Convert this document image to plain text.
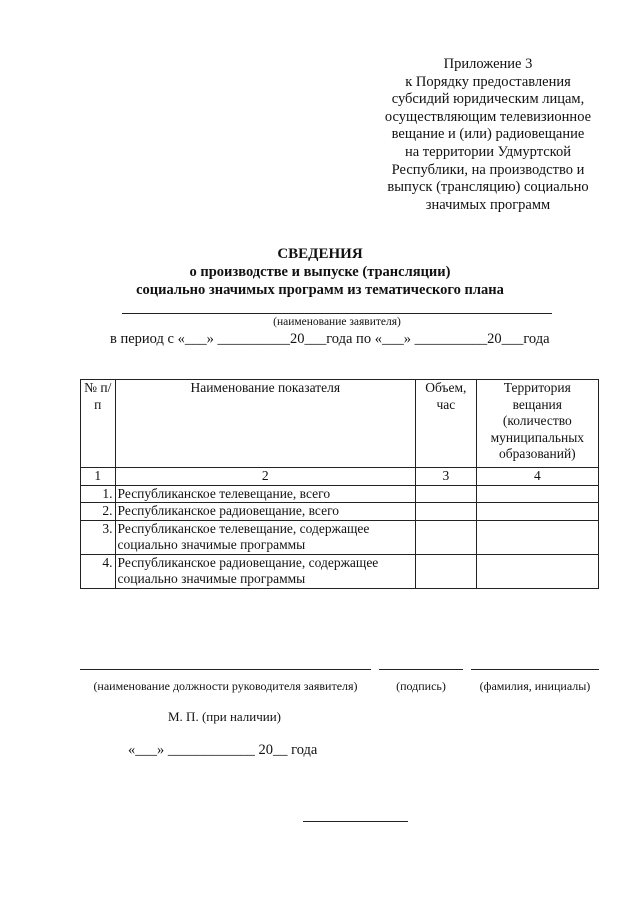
Приложение 3
к Порядку предоставления
субсидий юридическим лицам,
осуществляющим телевизионное
вещание и (или) радиовещание
на территории Удмуртской
Республики, на производство и
выпуск (трансляцию) социально
значимых программ
СВЕДЕНИЯ
о производстве и выпуске (трансляции)
социально значимых программ из тематического плана
(наименование заявителя)
в период с «___» __________20___года по «___» __________20___года
№ п/п	Наименование показателя	Объем, час	Территория вещания (количество муниципальных образований)
1	2	3	4
1.	Республиканское телевещание, всего		
2.	Республиканское радиовещание, всего		
3.	Республиканское телевещание, содержащее социально значимые программы		
4.	Республиканское радиовещание, содержащее социально значимые программы		
(наименование должности руководителя заявителя)	(подпись)	(фамилия, инициалы)
М. П. (при наличии)
«___» ____________ 20__ года
